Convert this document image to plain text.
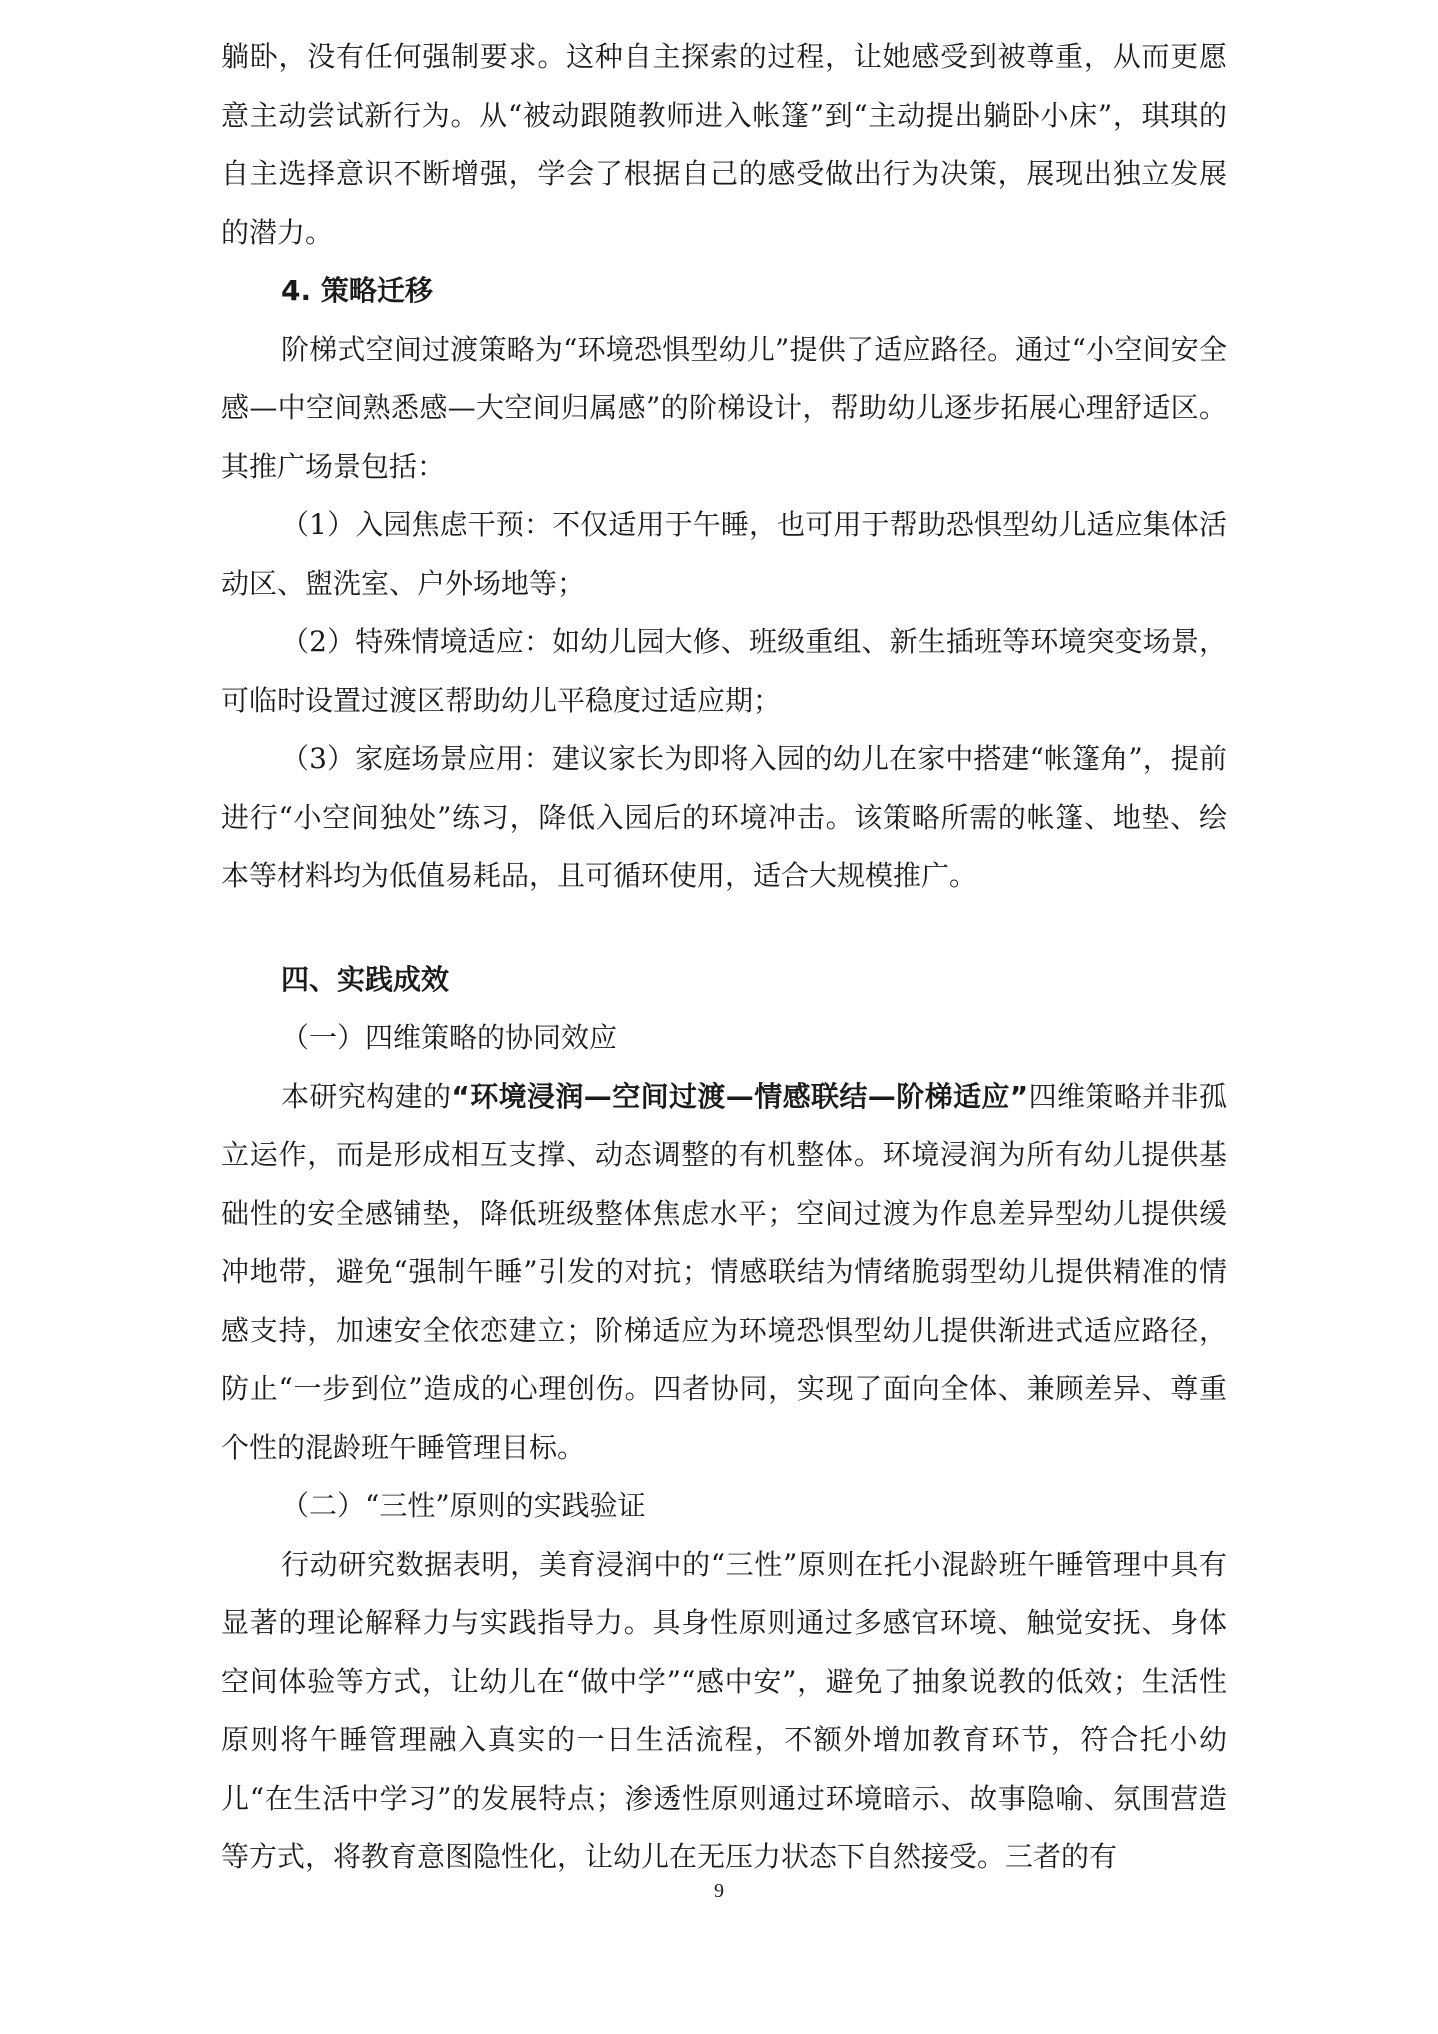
躺卧，没有任何强制要求。这种自主探索的过程，让她感受到被尊重，从而更愿意主动尝试新行为。从“被动跟随教师进入帐篷”到“主动提出躺卧小床”，琪琪的自主选择意识不断增强，学会了根据自己的感受做出行为决策，展现出独立发展的潜力。

4. 策略迁移

阶梯式空间过渡策略为“环境恐惧型幼儿”提供了适应路径。通过“小空间安全感—中空间熟悉感—大空间归属感”的阶梯设计，帮助幼儿逐步拓展心理舒适区。其推广场景包括：

（1）入园焦虑干预：不仅适用于午睡，也可用于帮助恐惧型幼儿适应集体活动区、盥洗室、户外场地等；

（2）特殊情境适应：如幼儿园大修、班级重组、新生插班等环境突变场景，可临时设置过渡区帮助幼儿平稳度过适应期；

（3）家庭场景应用：建议家长为即将入园的幼儿在家中搭建“帐篷角”，提前进行“小空间独处”练习，降低入园后的环境冲击。该策略所需的帐篷、地垫、绘本等材料均为低值易耗品，且可循环使用，适合大规模推广。

四、实践成效

（一）四维策略的协同效应

本研究构建的“环境浸润—空间过渡—情感联结—阶梯适应”四维策略并非孤立运作，而是形成相互支撑、动态调整的有机整体。环境浸润为所有幼儿提供基础性的安全感铺垫，降低班级整体焦虑水平；空间过渡为作息差异型幼儿提供缓冲地带，避免“强制午睡”引发的对抗；情感联结为情绪脆弱型幼儿提供精准的情感支持，加速安全依恋建立；阶梯适应为环境恐惧型幼儿提供渐进式适应路径，防止“一步到位”造成的心理创伤。四者协同，实现了面向全体、兼顾差异、尊重个性的混龄班午睡管理目标。

（二）“三性”原则的实践验证

行动研究数据表明，美育浸润中的“三性”原则在托小混龄班午睡管理中具有显著的理论解释力与实践指导力。具身性原则通过多感官环境、触觉安抚、身体空间体验等方式，让幼儿在“做中学”“感中安”，避免了抽象说教的低效；生活性原则将午睡管理融入真实的一日生活流程，不额外增加教育环节，符合托小幼儿“在生活中学习”的发展特点；渗透性原则通过环境暗示、故事隐喻、氛围营造等方式，将教育意图隐性化，让幼儿在无压力状态下自然接受。三者的有

9
